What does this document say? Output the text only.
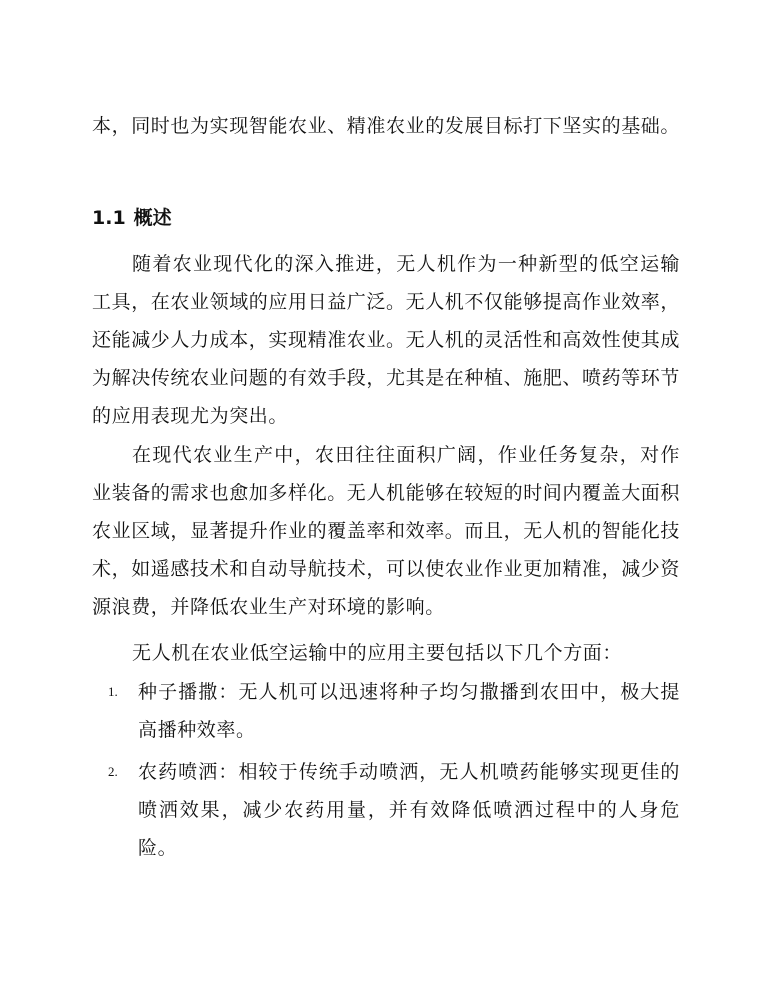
本，同时也为实现智能农业、精准农业的发展目标打下坚实的基础。

1.1 概述

随着农业现代化的深入推进，无人机作为一种新型的低空运输工具，在农业领域的应用日益广泛。无人机不仅能够提高作业效率，还能减少人力成本，实现精准农业。无人机的灵活性和高效性使其成为解决传统农业问题的有效手段，尤其是在种植、施肥、喷药等环节的应用表现尤为突出。

在现代农业生产中，农田往往面积广阔，作业任务复杂，对作业装备的需求也愈加多样化。无人机能够在较短的时间内覆盖大面积农业区域，显著提升作业的覆盖率和效率。而且，无人机的智能化技术，如遥感技术和自动导航技术，可以使农业作业更加精准，减少资源浪费，并降低农业生产对环境的影响。

无人机在农业低空运输中的应用主要包括以下几个方面：

1.	种子播撒：无人机可以迅速将种子均匀撒播到农田中，极大提高播种效率。
2.	农药喷洒：相较于传统手动喷洒，无人机喷药能够实现更佳的喷洒效果，减少农药用量，并有效降低喷洒过程中的人身危险。
